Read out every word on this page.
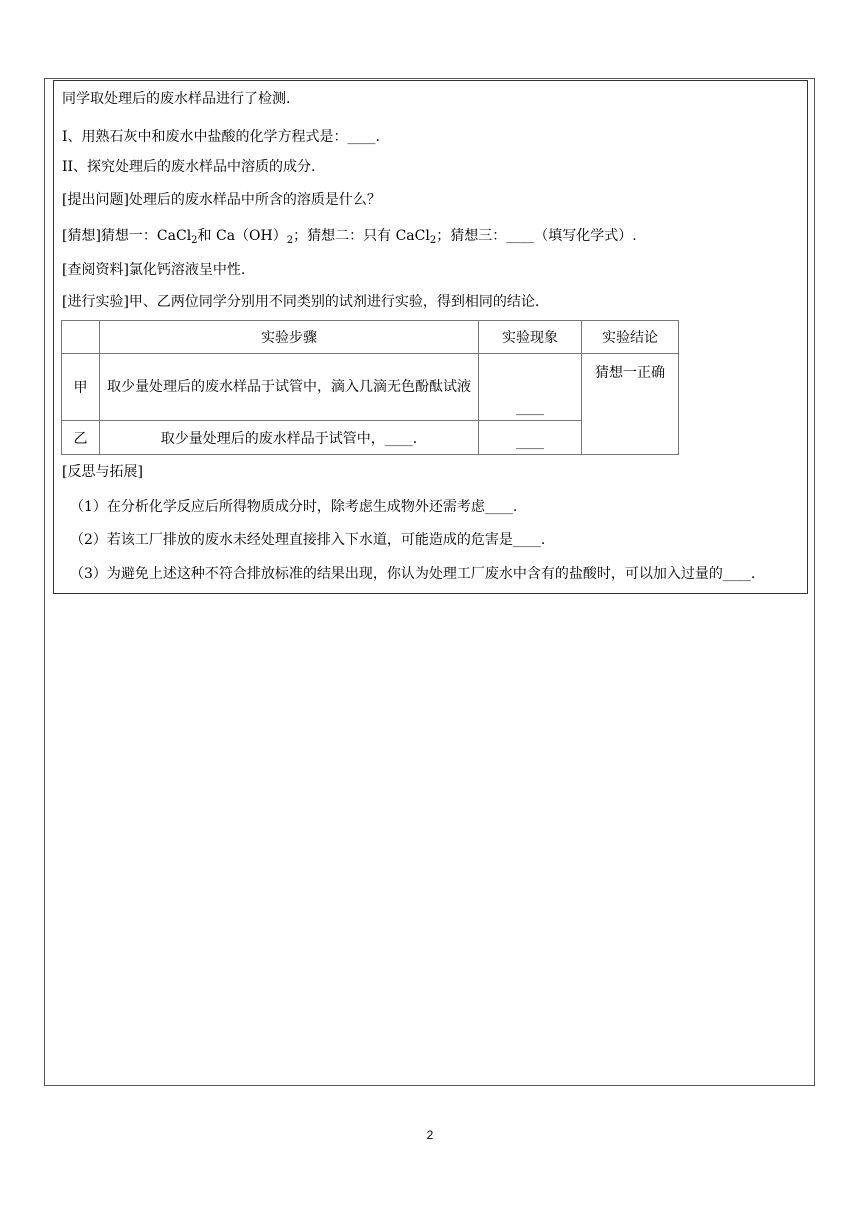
同学取处理后的废水样品进行了检测.
I、用熟石灰中和废水中盐酸的化学方程式是：____.
II、探究处理后的废水样品中溶质的成分.
[提出问题]处理后的废水样品中所含的溶质是什么？
[猜想]猜想一：CaCl$_2$和 $Ca(OH)_2$；猜想二：只有 CaCl$_2$；猜想三：____（填写化学式）.
[查阅资料]氯化钙溶液呈中性.
[进行实验]甲、乙两位同学分别用不同类别的试剂进行实验，得到相同的结论.
	实验步骤	实验现象	实验结论
甲	取少量处理后的废水样品于试管中，滴入几滴无色酚酞试液	____	猜想一正确
乙	取少量处理后的废水样品于试管中，____.	____	
[反思与拓展]
（1）在分析化学反应后所得物质成分时，除考虑生成物外还需考虑____.
（2）若该工厂排放的废水未经处理直接排入下水道，可能造成的危害是____.
（3）为避免上述这种不符合排放标准的结果出现，你认为处理工厂废水中含有的盐酸时，可以加入过量的____.
2
